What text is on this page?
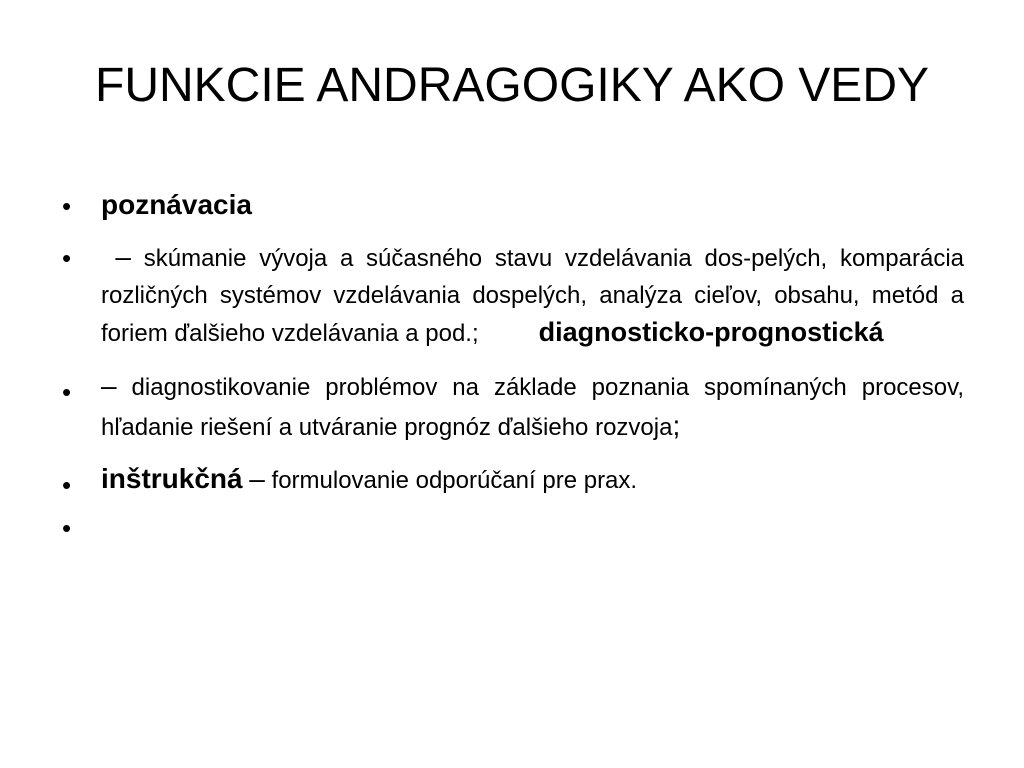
FUNKCIE ANDRAGOGIKY AKO VEDY
• poznávacia
• – skúmanie vývoja a súčasného stavu vzdelávania dos-pelých, komparácia rozličných systémov vzdelávania dospelých, analýza cieľov, obsahu, metód a foriem ďalšieho vzdelávania a pod.; diagnosticko-prognostická
• – diagnostikovanie problémov na základe poznania spomínaných procesov, hľadanie riešení a utváranie prognóz ďalšieho rozvoja;
• inštrukčná – formulovanie odporúčaní pre prax.
•
